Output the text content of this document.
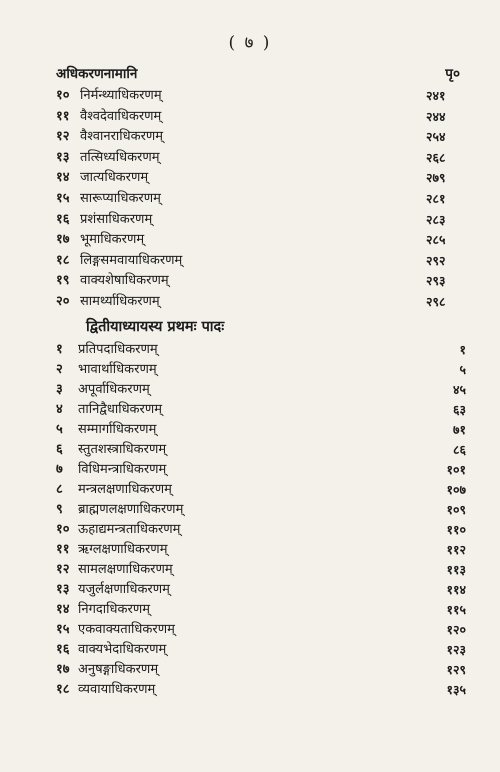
( ७ )
अधिकरणनामानि	पृ०
१० निर्मन्थ्याधिकरणम्	२४१
११ वैश्वदेवाधिकरणम्	२४४
१२ वैश्वानराधिकरणम्	२५४
१३ तत्सिध्यधिकरणम्	२६८
१४ जात्यधिकरणम्	२७९
१५ सारूप्याधिकरणम्	२८१
१६ प्रशंसाधिकरणम्	२८३
१७ भूमाधिकरणम्	२८५
१८ लिङ्गसमवायाधिकरणम्	२९२
१९ वाक्यशेषाधिकरणम्	२९३
२० सामर्थ्याधिकरणम्	२९८
द्वितीयाध्यायस्य प्रथमः पादः
१ प्रतिपदाधिकरणम्	१
२ भावार्थाधिकरणम्	५
३ अपूर्वाधिकरणम्	४५
४ तानिद्वैधाधिकरणम्	६३
५ सम्मार्गाधिकरणम्	७१
६ स्तुतशस्त्राधिकरणम्	८६
७ विधिमन्त्राधिकरणम्	१०१
८ मन्त्रलक्षणाधिकरणम्	१०७
९ ब्राह्मणलक्षणाधिकरणम्	१०९
१० ऊहाद्यमन्त्रताधिकरणम्	११०
११ ऋग्लक्षणाधिकरणम्	११२
१२ सामलक्षणाधिकरणम्	११३
१३ यजुर्लक्षणाधिकरणम्	११४
१४ निगदाधिकरणम्	११५
१५ एकवाक्यताधिकरणम्	१२०
१६ वाक्यभेदाधिकरणम्	१२३
१७ अनुषङ्गाधिकरणम्	१२९
१८ व्यवायाधिकरणम्	१३५
